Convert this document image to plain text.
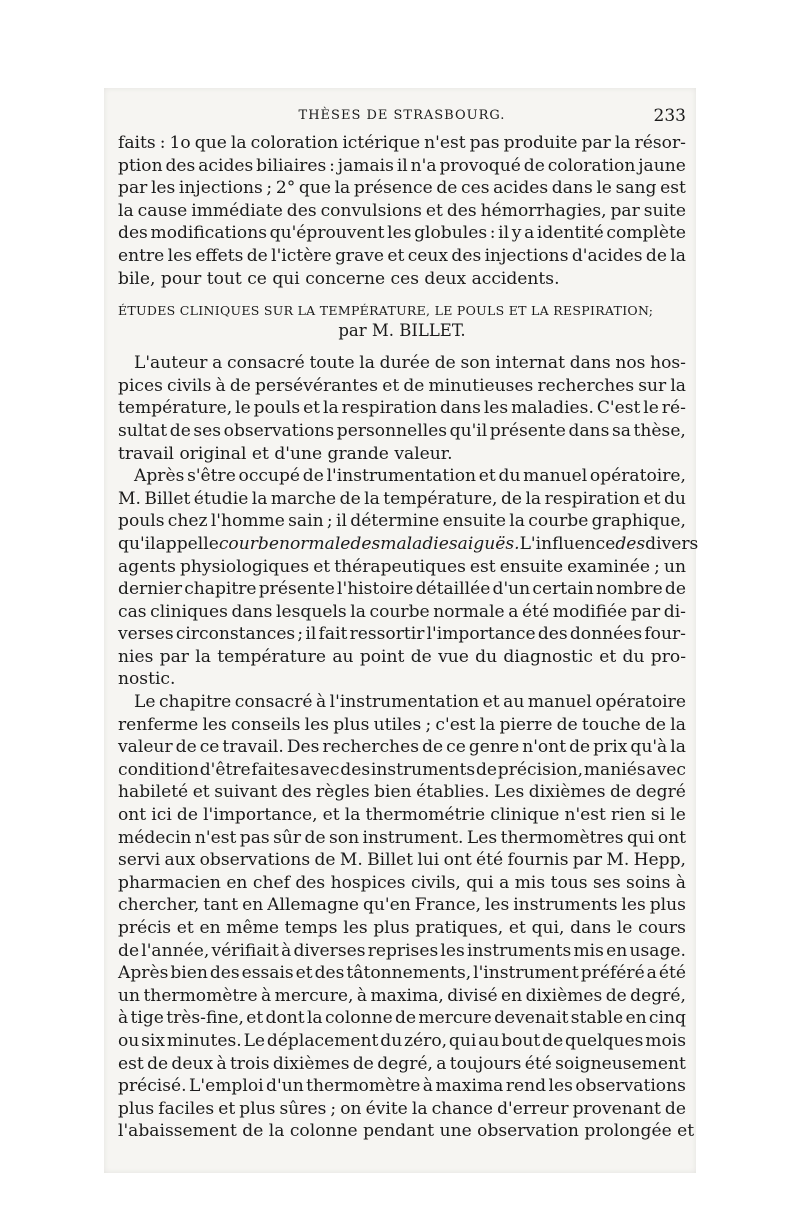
THÈSES DE STRASBOURG.	233
faits : 1o que la coloration ictérique n'est pas produite par la résor-
ption des acides biliaires : jamais il n'a provoqué de coloration jaune
par les injections ; 2° que la présence de ces acides dans le sang est
la cause immédiate des convulsions et des hémorrhagies, par suite
des modifications qu'éprouvent les globules : il y a identité complète
entre les effets de l'ictère grave et ceux des injections d'acides de la
bile, pour tout ce qui concerne ces deux accidents.
ÉTUDES CLINIQUES SUR LA TEMPÉRATURE, LE POULS ET LA RESPIRATION;
par M. BILLET.
L'auteur a consacré toute la durée de son internat dans nos hos-
pices civils à de persévérantes et de minutieuses recherches sur la
température, le pouls et la respiration dans les maladies. C'est le ré-
sultat de ses observations personnelles qu'il présente dans sa thèse,
travail original et d'une grande valeur.
Après s'être occupé de l'instrumentation et du manuel opératoire,
M. Billet étudie la marche de la température, de la respiration et du
pouls chez l'homme sain ; il détermine ensuite la courbe graphique,
qu'il appelle courbe normale des maladies aiguës. L'influence des divers
agents physiologiques et thérapeutiques est ensuite examinée ; un
dernier chapitre présente l'histoire détaillée d'un certain nombre de
cas cliniques dans lesquels la courbe normale a été modifiée par di-
verses circonstances ; il fait ressortir l'importance des données four-
nies par la température au point de vue du diagnostic et du pro-
nostic.
Le chapitre consacré à l'instrumentation et au manuel opératoire
renferme les conseils les plus utiles ; c'est la pierre de touche de la
valeur de ce travail. Des recherches de ce genre n'ont de prix qu'à la
condition d'être faites avec des instruments de précision, maniés avec
habileté et suivant des règles bien établies. Les dixièmes de degré
ont ici de l'importance, et la thermométrie clinique n'est rien si le
médecin n'est pas sûr de son instrument. Les thermomètres qui ont
servi aux observations de M. Billet lui ont été fournis par M. Hepp,
pharmacien en chef des hospices civils, qui a mis tous ses soins à
chercher, tant en Allemagne qu'en France, les instruments les plus
précis et en même temps les plus pratiques, et qui, dans le cours
de l'année, vérifiait à diverses reprises les instruments mis en usage.
Après bien des essais et des tâtonnements, l'instrument préféré a été
un thermomètre à mercure, à maxima, divisé en dixièmes de degré,
à tige très-fine, et dont la colonne de mercure devenait stable en cinq
ou six minutes. Le déplacement du zéro, qui au bout de quelques mois
est de deux à trois dixièmes de degré, a toujours été soigneusement
précisé. L'emploi d'un thermomètre à maxima rend les observations
plus faciles et plus sûres ; on évite la chance d'erreur provenant de
l'abaissement de la colonne pendant une observation prolongée et
